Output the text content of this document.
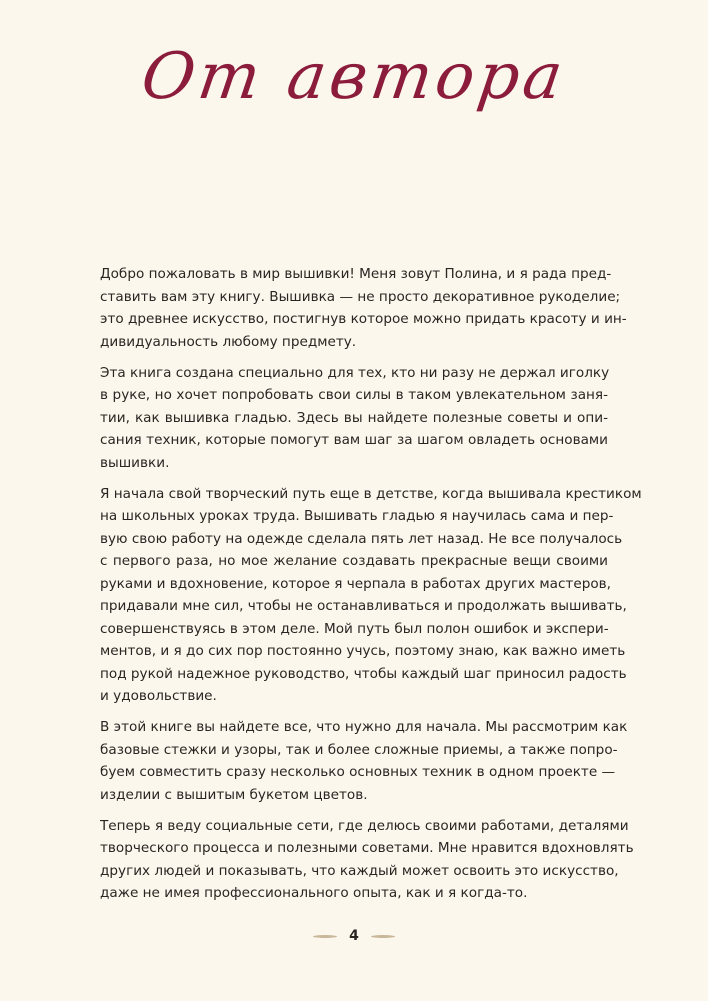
От автора

Добро пожаловать в мир вышивки! Меня зовут Полина, и я рада пред-
ставить вам эту книгу. Вышивка — не просто декоративное рукоделие;
это древнее искусство, постигнув которое можно придать красоту и ин-
дивидуальность любому предмету.

Эта книга создана специально для тех, кто ни разу не держал иголку
в руке, но хочет попробовать свои силы в таком увлекательном заня-
тии, как вышивка гладью. Здесь вы найдете полезные советы и опи-
сания техник, которые помогут вам шаг за шагом овладеть основами
вышивки.

Я начала свой творческий путь еще в детстве, когда вышивала крестиком
на школьных уроках труда. Вышивать гладью я научилась сама и пер-
вую свою работу на одежде сделала пять лет назад. Не все получалось
с первого раза, но мое желание создавать прекрасные вещи своими
руками и вдохновение, которое я черпала в работах других мастеров,
придавали мне сил, чтобы не останавливаться и продолжать вышивать,
совершенствуясь в этом деле. Мой путь был полон ошибок и экспери-
ментов, и я до сих пор постоянно учусь, поэтому знаю, как важно иметь
под рукой надежное руководство, чтобы каждый шаг приносил радость
и удовольствие.

В этой книге вы найдете все, что нужно для начала. Мы рассмотрим как
базовые стежки и узоры, так и более сложные приемы, а также попро-
буем совместить сразу несколько основных техник в одном проекте —
изделии с вышитым букетом цветов.

Теперь я веду социальные сети, где делюсь своими работами, деталями
творческого процесса и полезными советами. Мне нравится вдохновлять
других людей и показывать, что каждый может освоить это искусство,
даже не имея профессионального опыта, как и я когда-то.

4
